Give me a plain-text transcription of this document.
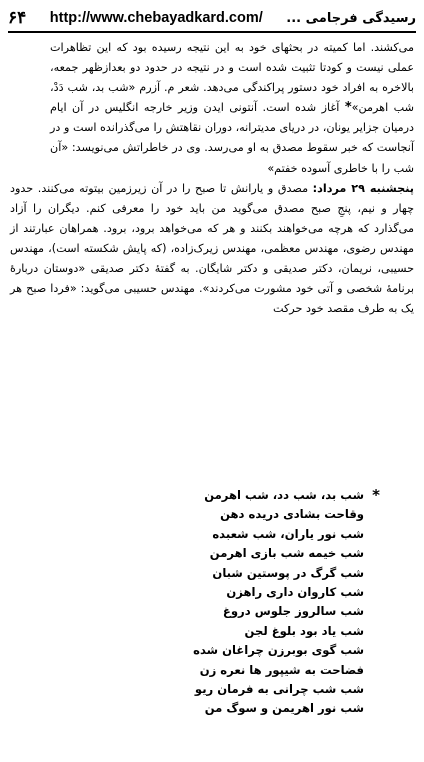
۶۴ http://www.chebayadkard.com/ رسیدگی فرجامی ...

می‌کشند. اما کمیته در بحثهای خود به این نتیجه رسیده بود که این تظاهرات عملی نیست و کودتا تثبیت شده است و در نتیجه در حدود دو بعدازظهر جمعه، بالاخره به افراد خود دستور پراکندگی می‌دهد. شعر م. آزرم «شب بد، شب دَدْ، شب اهرمن»* آغاز شده است. آنتونی ایدن وزیر خارجه انگلیس در آن ایام درمیان جزایر یونان، در دریای مدیترانه، دوران نقاهتش را می‌گذرانده است و در آنجاست که خبر سقوط مصدق به او می‌رسد. وی در خاطراتش می‌نویسد: «آن شب را با خاطری آسوده خفتم»

پنجشنبه ۲۹ مرداد: مصدق و یارانش تا صبح را در آن زیرزمین بیتوته می‌کنند. حدود چهار و نیم، پنجِ صبح مصدق می‌گوید من باید خود را معرفی کنم. دیگران را آزاد می‌گذارد که هرچه می‌خواهند بکنند و هر که می‌خواهد برود، برود. همراهان عبارتند از مهندس رضوی، مهندس معظمی، مهندس زیرک‌زاده، (که پایش شکسته است)، مهندس حسیبی، نریمان، دکتر صدیقی و دکتر شایگان. به گفتهٔ دکتر صدیقی «دوستان دربارهٔ برنامهٔ شخصی و آتی خود مشورت می‌کردند». مهندس حسیبی می‌گوید: «فردا صبح هر یک به طرف مقصد خود حرکت

*
شب بد، شب دد، شب اهرمن
وقاحت بشادی دریده دهن
شب نور یاران، شب شعبده
شب خیمه شب بازی اهرمن
شب گرگ در پوستین شبان
شب کاروان داری راهزن
شب سالروز جلوس دروغ
شب یاد بود بلوغ لجن
شب گوی بوبرزن چراغان شده
فضاحت به شیپور ها نعره زن
شب شب چرانی به فرمان ریو
شب نور اهریمن و سوگ من
